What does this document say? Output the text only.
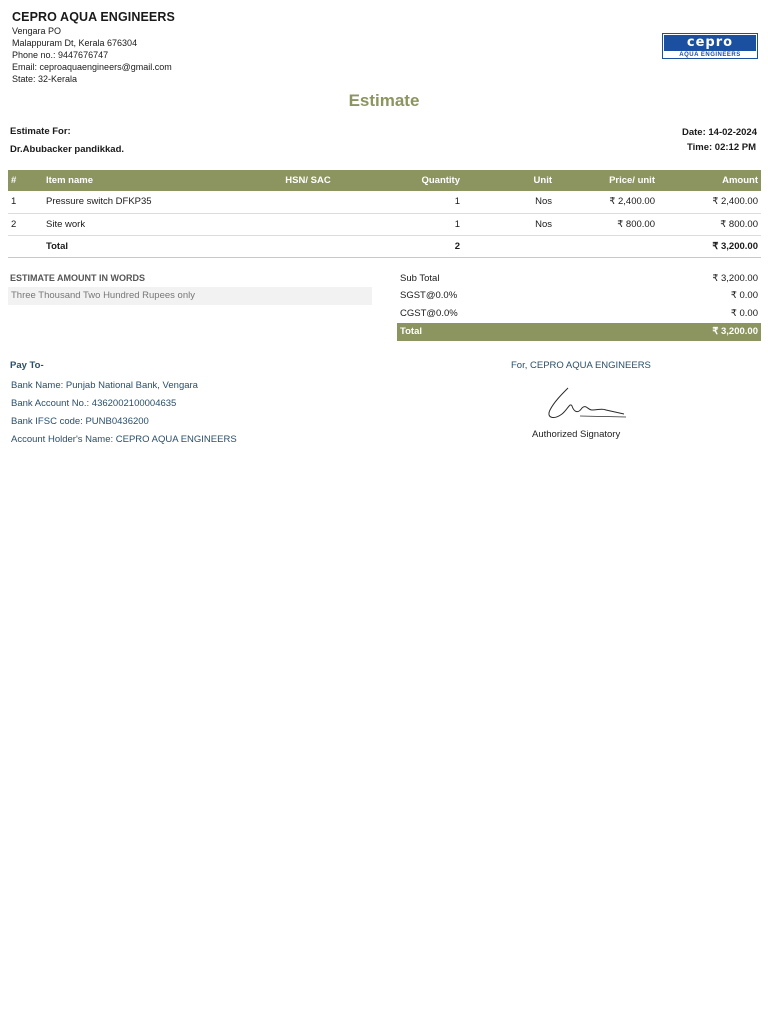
CEPRO AQUA ENGINEERS
Vengara PO
Malappuram Dt, Kerala 676304
Phone no.: 9447676747
Email: ceproaquaengineers@gmail.com
State: 32-Kerala
cepro
AQUA ENGINEERS
Estimate
Estimate For:
Dr.Abubacker pandikkad.
Date: 14-02-2024
Time: 02:12 PM
#	Item name	HSN/ SAC	Quantity	Unit	Price/ unit	Amount
1	Pressure switch DFKP35		1	Nos	₹ 2,400.00	₹ 2,400.00
2	Site work		1	Nos	₹ 800.00	₹ 800.00
	Total		2			₹ 3,200.00
ESTIMATE AMOUNT IN WORDS
Three Thousand Two Hundred Rupees only
Sub Total	₹ 3,200.00
SGST@0.0%	₹ 0.00
CGST@0.0%	₹ 0.00
Total	₹ 3,200.00
Pay To-
Bank Name: Punjab National Bank, Vengara
Bank Account No.: 4362002100004635
Bank IFSC code: PUNB0436200
Account Holder's Name: CEPRO AQUA ENGINEERS
For, CEPRO AQUA ENGINEERS
Authorized Signatory
